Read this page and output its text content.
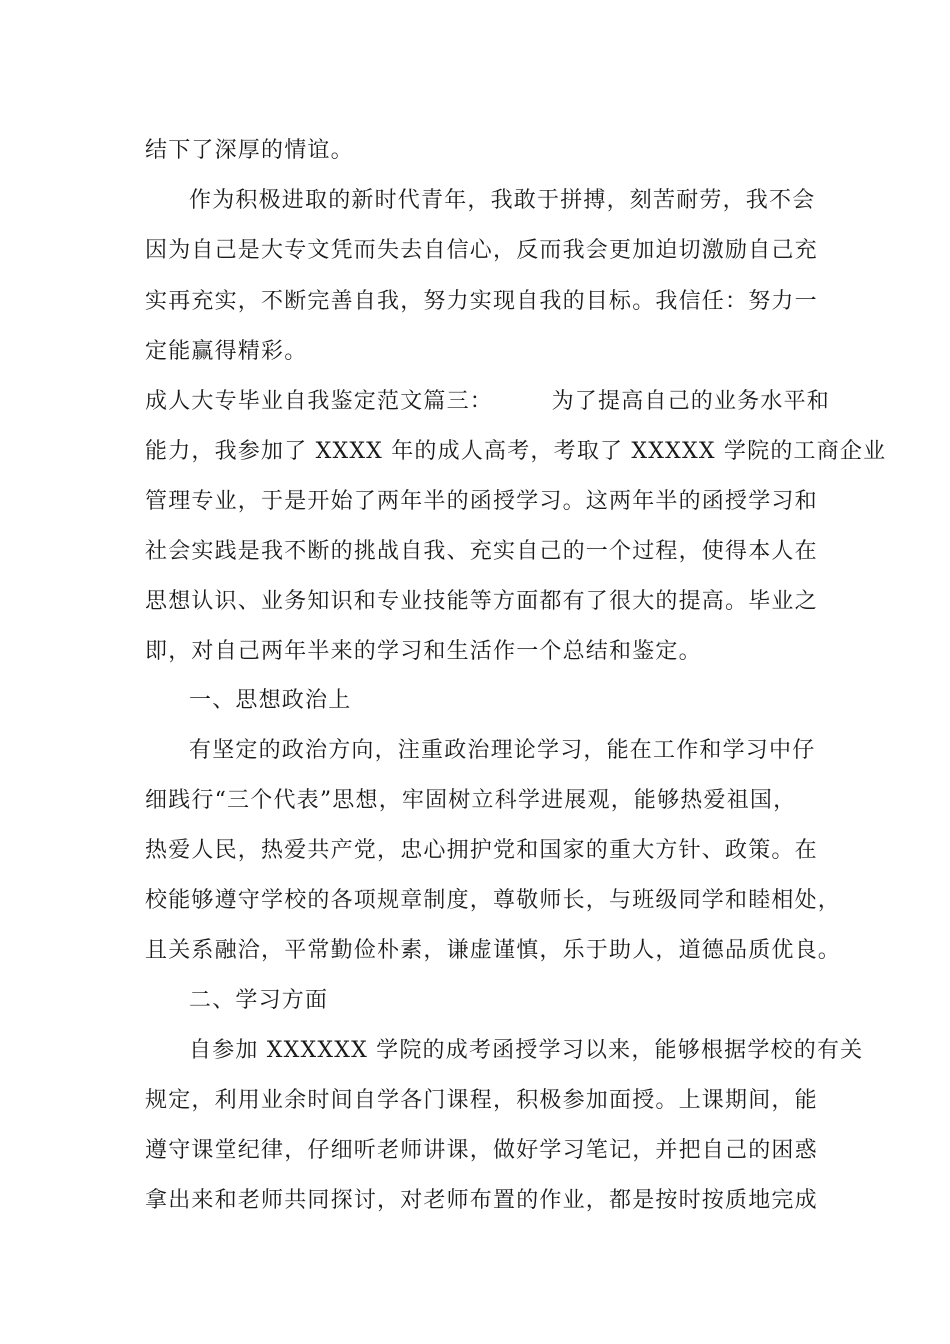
结下了深厚的情谊。
作为积极进取的新时代青年，我敢于拼搏，刻苦耐劳，我不会
因为自己是大专文凭而失去自信心，反而我会更加迫切激励自己充
实再充实，不断完善自我，努力实现自我的目标。我信任：努力一
定能赢得精彩。
成人大专毕业自我鉴定范文篇三：　　　为了提高自己的业务水平和
能力，我参加了 XXXX 年的成人高考，考取了 XXXXX 学院的工商企业
管理专业，于是开始了两年半的函授学习。这两年半的函授学习和
社会实践是我不断的挑战自我、充实自己的一个过程，使得本人在
思想认识、业务知识和专业技能等方面都有了很大的提高。毕业之
即，对自己两年半来的学习和生活作一个总结和鉴定。
一、思想政治上
有坚定的政治方向，注重政治理论学习，能在工作和学习中仔
细践行“三个代表”思想，牢固树立科学进展观，能够热爱祖国，
热爱人民，热爱共产党，忠心拥护党和国家的重大方针、政策。在
校能够遵守学校的各项规章制度，尊敬师长，与班级同学和睦相处，
且关系融洽，平常勤俭朴素，谦虚谨慎，乐于助人，道德品质优良。
二、学习方面
自参加 XXXXXX 学院的成考函授学习以来，能够根据学校的有关
规定，利用业余时间自学各门课程，积极参加面授。上课期间，能
遵守课堂纪律，仔细听老师讲课，做好学习笔记，并把自己的困惑
拿出来和老师共同探讨，对老师布置的作业，都是按时按质地完成
